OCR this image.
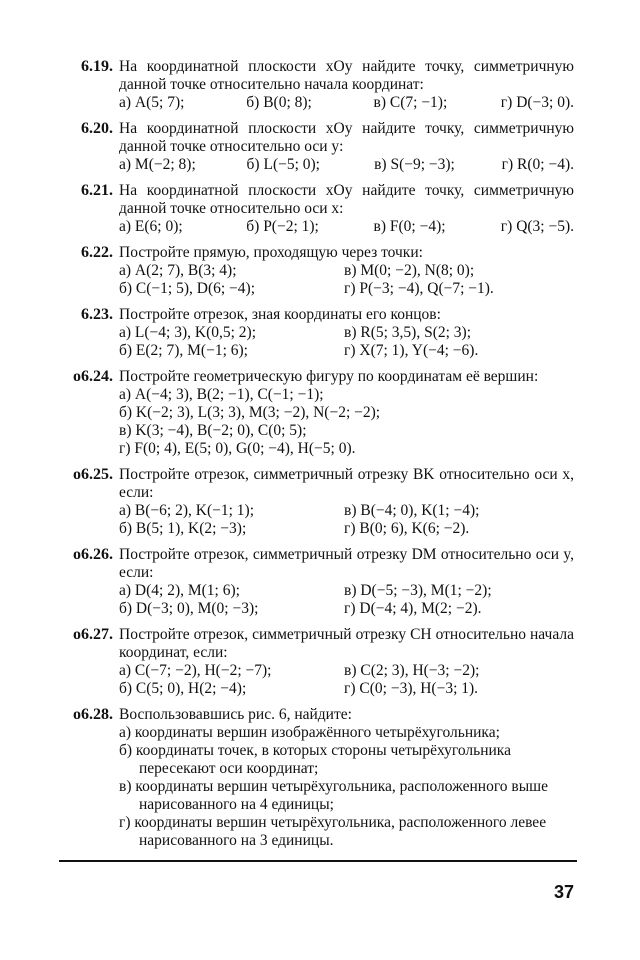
6.19. На координатной плоскости xOy найдите точку, симметричную данной точке относительно начала координат:
а) A(5; 7);	б) B(0; 8);	в) C(7; −1);	г) D(−3; 0).
6.20. На координатной плоскости xOy найдите точку, симметричную данной точке относительно оси y:
а) M(−2; 8);	б) L(−5; 0);	в) S(−9; −3);	г) R(0; −4).
6.21. На координатной плоскости xOy найдите точку, симметричную данной точке относительно оси x:
а) E(6; 0);	б) P(−2; 1);	в) F(0; −4);	г) Q(3; −5).
6.22. Постройте прямую, проходящую через точки:
а) A(2; 7), B(3; 4);	в) M(0; −2), N(8; 0);
б) C(−1; 5), D(6; −4);	г) P(−3; −4), Q(−7; −1).
6.23. Постройте отрезок, зная координаты его концов:
а) L(−4; 3), K(0,5; 2);	в) R(5; 3,5), S(2; 3);
б) E(2; 7), M(−1; 6);	г) X(7; 1), Y(−4; −6).
о6.24. Постройте геометрическую фигуру по координатам её вершин:
а) A(−4; 3), B(2; −1), C(−1; −1);
б) K(−2; 3), L(3; 3), M(3; −2), N(−2; −2);
в) K(3; −4), B(−2; 0), C(0; 5);
г) F(0; 4), E(5; 0), G(0; −4), H(−5; 0).
о6.25. Постройте отрезок, симметричный отрезку BK относительно оси x, если:
а) B(−6; 2), K(−1; 1);	в) B(−4; 0), K(1; −4);
б) B(5; 1), K(2; −3);	г) B(0; 6), K(6; −2).
о6.26. Постройте отрезок, симметричный отрезку DM относительно оси y, если:
а) D(4; 2), M(1; 6);	в) D(−5; −3), M(1; −2);
б) D(−3; 0), M(0; −3);	г) D(−4; 4), M(2; −2).
о6.27. Постройте отрезок, симметричный отрезку CH относительно начала координат, если:
а) C(−7; −2), H(−2; −7);	в) C(2; 3), H(−3; −2);
б) C(5; 0), H(2; −4);	г) C(0; −3), H(−3; 1).
о6.28. Воспользовавшись рис. 6, найдите:
а) координаты вершин изображённого четырёхугольника;
б) координаты точек, в которых стороны четырёхугольника пересекают оси координат;
в) координаты вершин четырёхугольника, расположенного выше нарисованного на 4 единицы;
г) координаты вершин четырёхугольника, расположенного левее нарисованного на 3 единицы.
37
